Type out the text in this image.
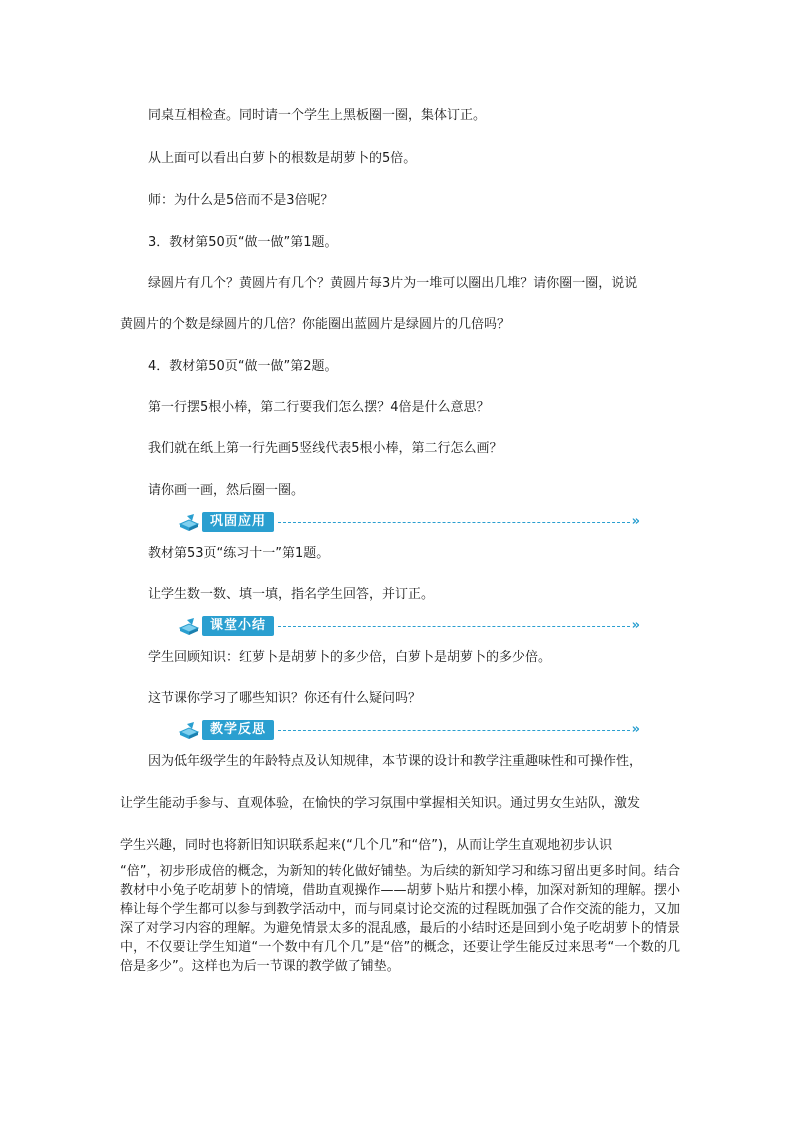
同桌互相检查。同时请一个学生上黑板圈一圈，集体订正。
从上面可以看出白萝卜的根数是胡萝卜的5倍。
师：为什么是5倍而不是3倍呢？
3．教材第50页“做一做”第1题。
绿圆片有几个？黄圆片有几个？黄圆片每3片为一堆可以圈出几堆？请你圈一圈，说说
黄圆片的个数是绿圆片的几倍？你能圈出蓝圆片是绿圆片的几倍吗？
4．教材第50页“做一做”第2题。
第一行摆5根小棒，第二行要我们怎么摆？4倍是什么意思？
我们就在纸上第一行先画5竖线代表5根小棒，第二行怎么画？
请你画一画，然后圈一圈。
巩固应用	»
教材第53页“练习十一”第1题。
让学生数一数、填一填，指名学生回答，并订正。
课堂小结	»
学生回顾知识：红萝卜是胡萝卜的多少倍，白萝卜是胡萝卜的多少倍。
这节课你学习了哪些知识？你还有什么疑问吗？
教学反思	»
因为低年级学生的年龄特点及认知规律，本节课的设计和教学注重趣味性和可操作性，
让学生能动手参与、直观体验，在愉快的学习氛围中掌握相关知识。通过男女生站队，激发
学生兴趣，同时也将新旧知识联系起来(“几个几”和“倍”)，从而让学生直观地初步认识
“倍”，初步形成倍的概念，为新知的转化做好铺垫。为后续的新知学习和练习留出更多时间。结合教材中小兔子吃胡萝卜的情境，借助直观操作——胡萝卜贴片和摆小棒，加深对新知的理解。摆小棒让每个学生都可以参与到教学活动中，而与同桌讨论交流的过程既加强了合作交流的能力，又加深了对学习内容的理解。为避免情景太多的混乱感，最后的小结时还是回到小兔子吃胡萝卜的情景中，不仅要让学生知道“一个数中有几个几”是“倍”的概念，还要让学生能反过来思考“一个数的几倍是多少”。这样也为后一节课的教学做了铺垫。
